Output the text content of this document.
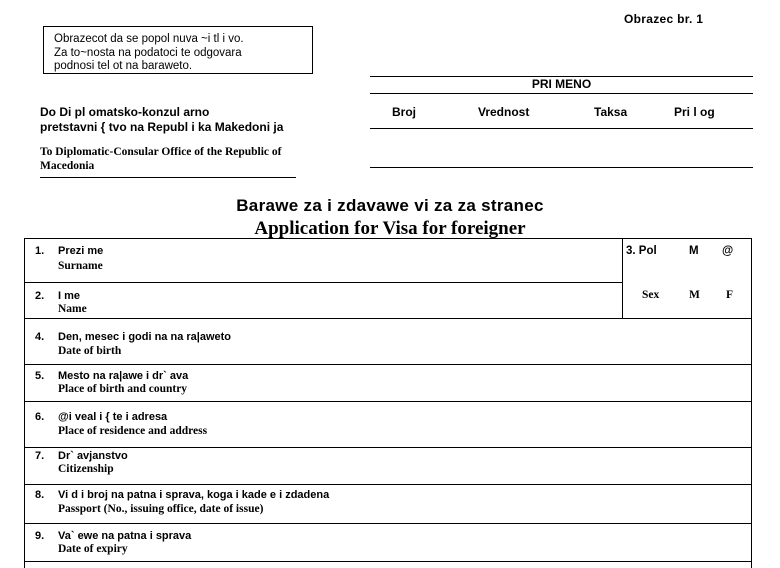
Obrazec br. 1
Obrazecot da se popol nuva ~i tl i vo.
Za to~nosta na podatoci te odgovara
podnosi tel ot na baraweto.
PRI MENO
Broj	Vrednost	Taksa	Pri l og
Do Di pl omatsko-konzul arno
pretstavni { tvo na Republ i ka Makedoni ja
To Diplomatic-Consular Office of the Republic of
Macedonia
Barawe za i zdavawe vi za za stranec
Application for Visa for foreigner
1. Prezi me
Surname
2. I me
Name
3. Pol	M @
Sex	M F
4. Den, mesec i godi na na ra|aweto
Date of birth
5. Mesto na ra|awe i dr` ava
Place of birth and country
6. @i veal i { te i adresa
Place of residence and address
7. Dr` avjanstvo
Citizenship
8. Vi d i broj na patna i sprava, koga i kade e i zdadena
Passport (No., issuing office, date of issue)
9. Va` ewe na patna i sprava
Date of expiry
